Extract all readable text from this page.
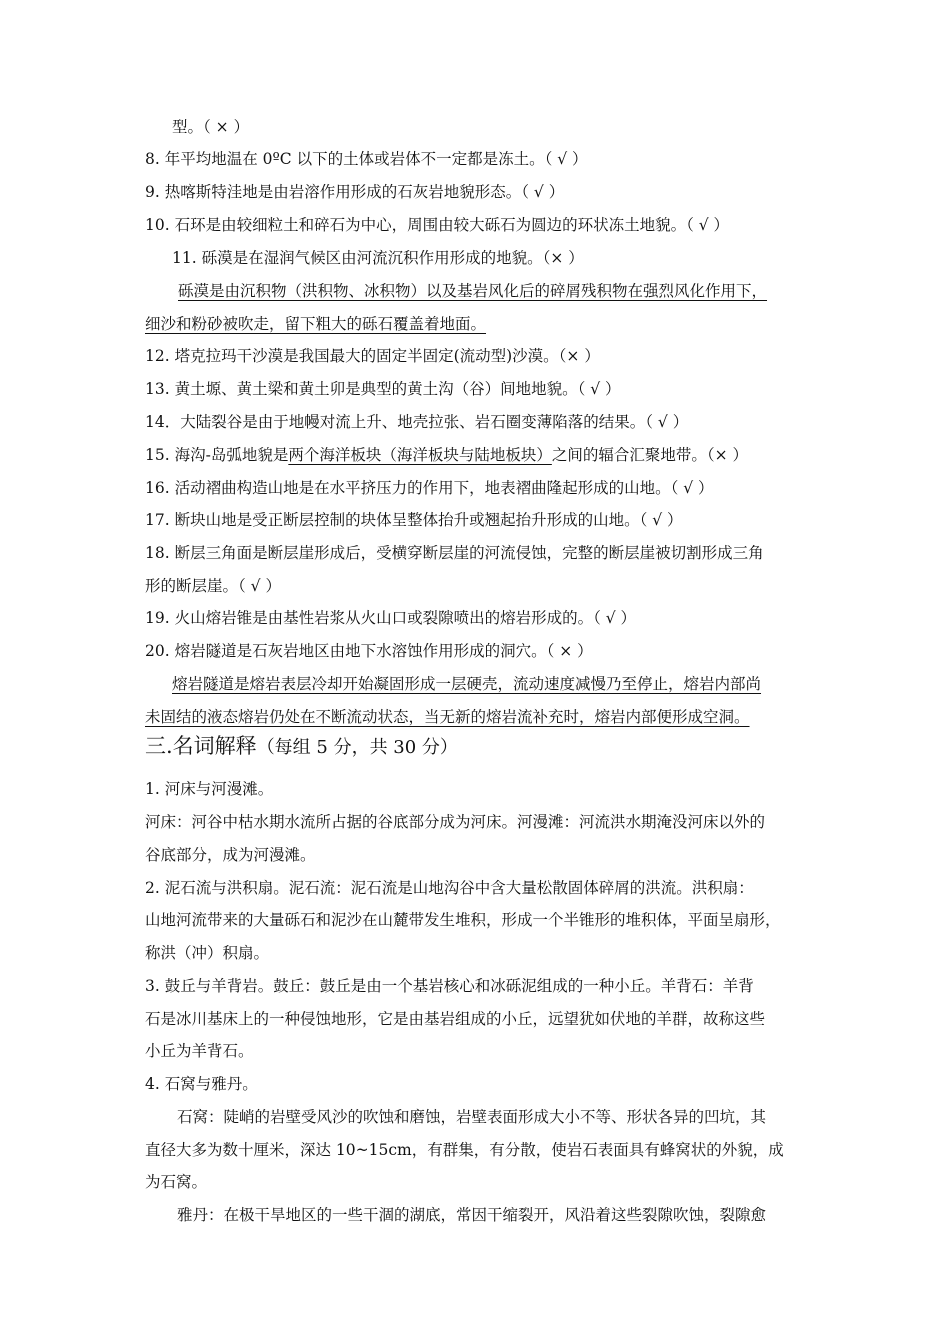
型。（ × ）
8. 年平均地温在 0ºC 以下的土体或岩体不一定都是冻土。（ √ ）
9. 热喀斯特洼地是由岩溶作用形成的石灰岩地貌形态。（ √ ）
10. 石环是由较细粒土和碎石为中心，周围由较大砾石为圆边的环状冻土地貌。（ √ ）
11. 砾漠是在湿润气候区由河流沉积作用形成的地貌。（× ）
砾漠是由沉积物（洪积物、冰积物）以及基岩风化后的碎屑残积物在强烈风化作用下，
细沙和粉砂被吹走，留下粗大的砾石覆盖着地面。
12. 塔克拉玛干沙漠是我国最大的固定半固定(流动型)沙漠。（× ）
13. 黄土塬、黄土梁和黄土卯是典型的黄土沟（谷）间地地貌。（ √ ）
14．大陆裂谷是由于地幔对流上升、地壳拉张、岩石圈变薄陷落的结果。（ √ ）
15. 海沟-岛弧地貌是两个海洋板块（海洋板块与陆地板块）之间的辐合汇聚地带。（× ）
16. 活动褶曲构造山地是在水平挤压力的作用下，地表褶曲隆起形成的山地。（ √ ）
17. 断块山地是受正断层控制的块体呈整体抬升或翘起抬升形成的山地。（ √ ）
18. 断层三角面是断层崖形成后，受横穿断层崖的河流侵蚀，完整的断层崖被切割形成三角
形的断层崖。（ √ ）
19. 火山熔岩锥是由基性岩浆从火山口或裂隙喷出的熔岩形成的。（ √ ）
20. 熔岩隧道是石灰岩地区由地下水溶蚀作用形成的洞穴。（ × ）
熔岩隧道是熔岩表层冷却开始凝固形成一层硬壳，流动速度减慢乃至停止，熔岩内部尚
未固结的液态熔岩仍处在不断流动状态，当无新的熔岩流补充时，熔岩内部便形成空洞。
三.名词解释（每组 5 分，共 30 分）
1. 河床与河漫滩。
河床：河谷中枯水期水流所占据的谷底部分成为河床。河漫滩：河流洪水期淹没河床以外的
谷底部分，成为河漫滩。
2. 泥石流与洪积扇。泥石流：泥石流是山地沟谷中含大量松散固体碎屑的洪流。洪积扇：
山地河流带来的大量砾石和泥沙在山麓带发生堆积，形成一个半锥形的堆积体，平面呈扇形，
称洪（冲）积扇。
3. 鼓丘与羊背岩。鼓丘：鼓丘是由一个基岩核心和冰砾泥组成的一种小丘。羊背石：羊背
石是冰川基床上的一种侵蚀地形，它是由基岩组成的小丘，远望犹如伏地的羊群，故称这些
小丘为羊背石。
4. 石窝与雅丹。
石窝：陡峭的岩壁受风沙的吹蚀和磨蚀，岩壁表面形成大小不等、形状各异的凹坑，其
直径大多为数十厘米，深达 10~15cm，有群集，有分散，使岩石表面具有蜂窝状的外貌，成
为石窝。
雅丹：在极干旱地区的一些干涸的湖底，常因干缩裂开，风沿着这些裂隙吹蚀，裂隙愈
